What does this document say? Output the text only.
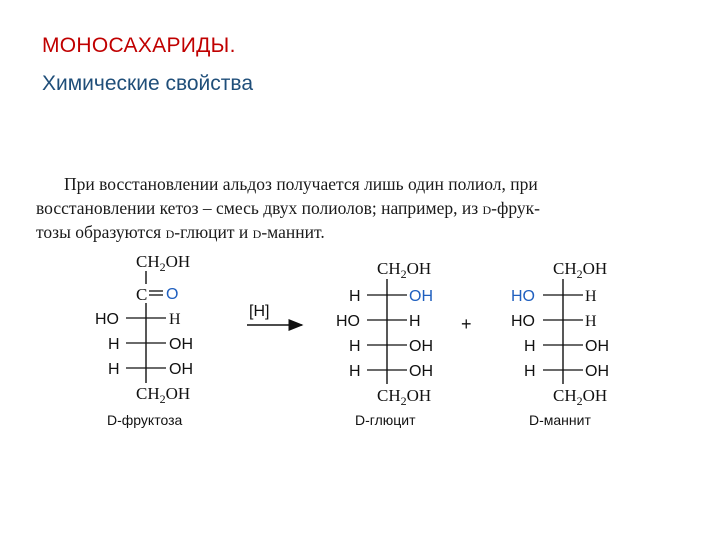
МОНОСАХАРИДЫ.
Химические свойства
При восстановлении альдоз получается лишь один полиол, при
восстановлении кетоз – смесь двух полиолов; например, из d-фрук-
тозы образуются d-глюцит и d-маннит.
$CH_2OH$
C O
HO	H
H	OH
H	OH
$CH_2OH$
D-фруктоза
[H]
$CH_2OH$
H	OH
HO	H
H	OH
H	OH
$CH_2OH$
D-глюцит
+
$CH_2OH$
HO	H
HO	H
H	OH
H	OH
$CH_2OH$
D-маннит
